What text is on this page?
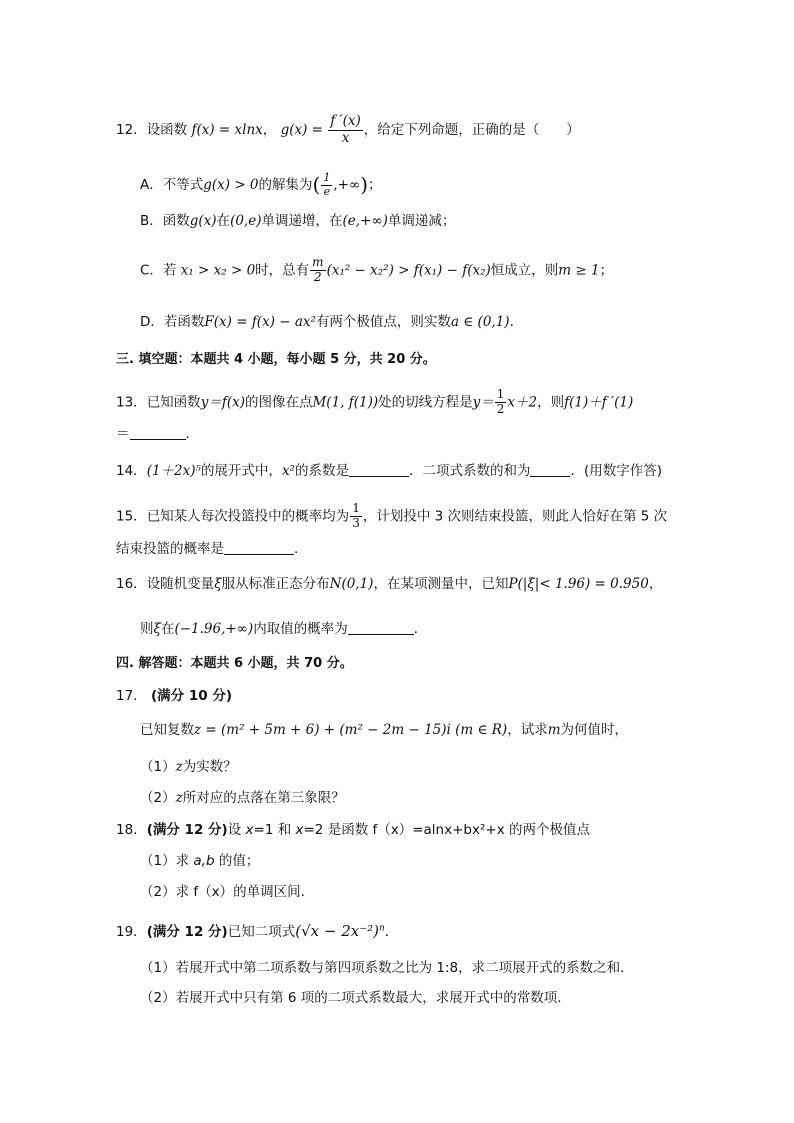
12．设函数 f(x) = xlnx， $g(x) = \frac{f '(x)}{x}$ ，给定下列命题，正确的是（　　）
A．不等式g(x) > 0的解集为( $\frac{1}{e}$ ,+∞)；
B．函数g(x)在(0,e)单调递增，在(e,+∞)单调递减；
C．若 x₁ > x₂ > 0时，总有 $\frac{m}{2} (x_1^2 - x_2^2) > f(x_1) - f(x_2)$恒成立，则m ≥ 1；
D．若函数F(x) = f(x) − ax²有两个极值点，则实数a ∈ (0,1).
三. 填空题：本题共 4 小题，每小题 5 分，共 20 分。
13．已知函数y＝f(x)的图像在点M(1, f(1))处的切线方程是$y= \frac{1}{2} x+2$，则f(1)＋f ′(1)
＝	.
14．(1＋2x)⁵的展开式中，x²的系数是	．二项式系数的和为	．(用数字作答)
15．已知某人每次投篮投中的概率均为 $\frac{1}{3}$ ，计划投中 3 次则结束投篮，则此人恰好在第 5 次
结束投篮的概率是	.
16．设随机变量ξ服从标准正态分布N(0,1)，在某项测量中，已知P(|ξ|< 1.96) = 0.950，
则ξ在(−1.96,+∞)内取值的概率为	．
四. 解答题：本题共 6 小题，共 70 分。
17． (满分 10 分)
已知复数z = (m² + 5m + 6) + (m² − 2m − 15)i (m ∈ R)，试求m为何值时，
（1）z为实数？
（2）z所对应的点落在第三象限？
18．(满分 12 分)设 x=1 和 x=2 是函数 f（x）=alnx+bx²+x 的两个极值点
（1）求 a,b 的值；
（2）求 f（x）的单调区间.
19．(满分 12 分)已知二项式$(√x - 2x^{-2})^n$．
（1）若展开式中第二项系数与第四项系数之比为 1:8，求二项展开式的系数之和．
（2）若展开式中只有第 6 项的二项式系数最大，求展开式中的常数项．
